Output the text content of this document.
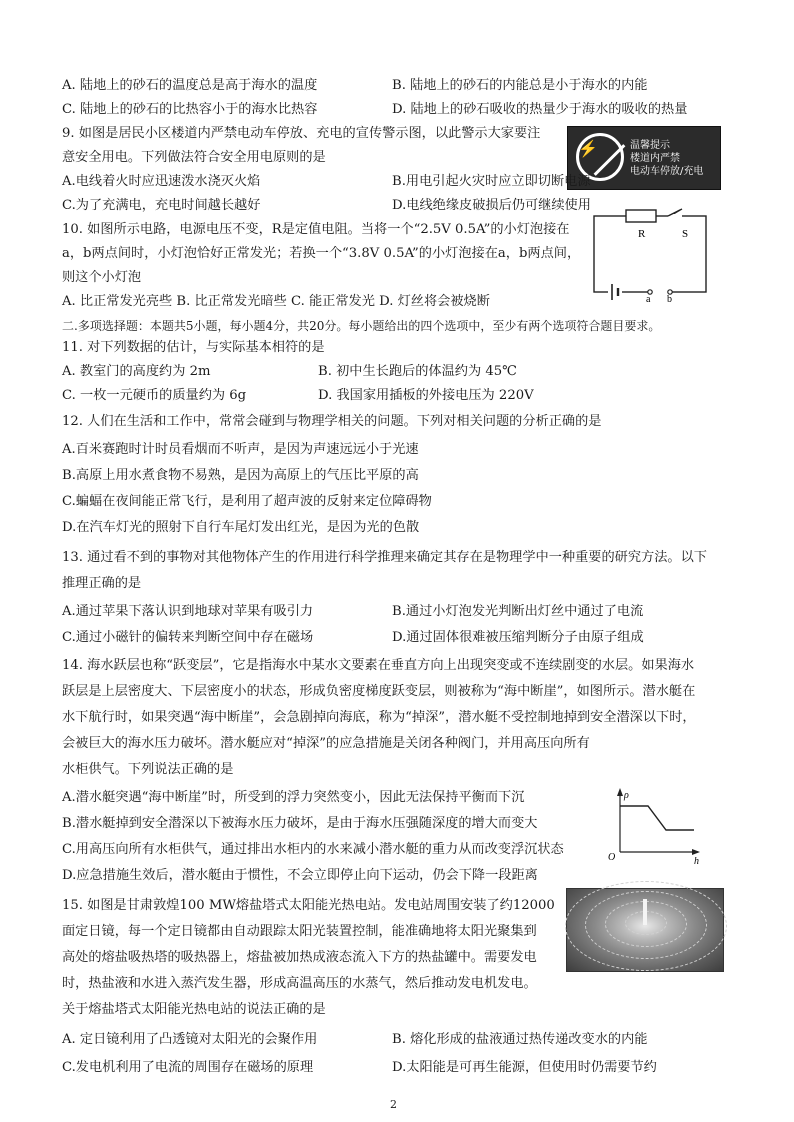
A. 陆地上的砂石的温度总是高于海水的温度	B. 陆地上的砂石的内能总是小于海水的内能
C. 陆地上的砂石的比热容小于的海水比热容	D. 陆地上的砂石吸收的热量少于海水的吸收的热量
9. 如图是居民小区楼道内严禁电动车停放、充电的宣传警示图，以此警示大家要注
意安全用电。下列做法符合安全用电原则的是	⚡	温馨提示
楼道内严禁
电动车停放/充电
A.电线着火时应迅速泼水浇灭火焰	B.用电引起火灾时应立即切断电源
C.为了充满电，充电时间越长越好	D.电线绝缘皮破损后仍可继续使用
10. 如图所示电路，电源电压不变，R是定值电阻。当将一个“2.5V 0.5A”的小灯泡接在
a，b两点间时，小灯泡恰好正常发光；若换一个“3.8V 0.5A”的小灯泡接在a，b两点间，
则这个小灯泡
A. 比正常发光亮些 B. 比正常发光暗些 C. 能正常发光 D. 灯丝将会被烧断
R	S
a b
二.多项选择题：本题共5小题，每小题4分，共20分。每小题给出的四个选项中，至少有两个选项符合题目要求。
11. 对下列数据的估计，与实际基本相符的是
A. 教室门的高度约为 2m	B. 初中生长跑后的体温约为 45℃
C. 一枚一元硬币的质量约为 6g	D. 我国家用插板的外接电压为 220V
12. 人们在生活和工作中，常常会碰到与物理学相关的问题。下列对相关问题的分析正确的是
A.百米赛跑时计时员看烟而不听声，是因为声速远远小于光速
B.高原上用水煮食物不易熟，是因为高原上的气压比平原的高
C.蝙蝠在夜间能正常飞行，是利用了超声波的反射来定位障碍物
D.在汽车灯光的照射下自行车尾灯发出红光，是因为光的色散
13. 通过看不到的事物对其他物体产生的作用进行科学推理来确定其存在是物理学中一种重要的研究方法。以下
推理正确的是
A.通过苹果下落认识到地球对苹果有吸引力	B.通过小灯泡发光判断出灯丝中通过了电流
C.通过小磁针的偏转来判断空间中存在磁场	D.通过固体很难被压缩判断分子由原子组成
14. 海水跃层也称“跃变层”，它是指海水中某水文要素在垂直方向上出现突变或不连续剧变的水层。如果海水
跃层是上层密度大、下层密度小的状态，形成负密度梯度跃变层，则被称为“海中断崖”，如图所示。潜水艇在
水下航行时，如果突遇“海中断崖”，会急剧掉向海底，称为“掉深”，潜水艇不受控制地掉到安全潜深以下时，
会被巨大的海水压力破坏。潜水艇应对“掉深”的应急措施是关闭各种阀门，并用高压向所有
水柜供气。下列说法正确的是
A.潜水艇突遇“海中断崖”时，所受到的浮力突然变小，因此无法保持平衡而下沉
B.潜水艇掉到安全潜深以下被海水压力破坏，是由于海水压强随深度的增大而变大
C.用高压向所有水柜供气，通过排出水柜内的水来减小潜水艇的重力从而改变浮沉状态
D.应急措施生效后，潜水艇由于惯性，不会立即停止向下运动，仍会下降一段距离
ρ
h
O
15. 如图是甘肃敦煌100 MW熔盐塔式太阳能光热电站。发电站周围安装了约12000
面定日镜，每一个定日镜都由自动跟踪太阳光装置控制，能准确地将太阳光聚集到
高处的熔盐吸热塔的吸热器上，熔盐被加热成液态流入下方的热盐罐中。需要发电
时，热盐液和水进入蒸汽发生器，形成高温高压的水蒸气，然后推动发电机发电。
关于熔盐塔式太阳能光热电站的说法正确的是
A. 定日镜利用了凸透镜对太阳光的会聚作用	B. 熔化形成的盐液通过热传递改变水的内能
C.发电机利用了电流的周围存在磁场的原理	D.太阳能是可再生能源，但使用时仍需要节约
2
